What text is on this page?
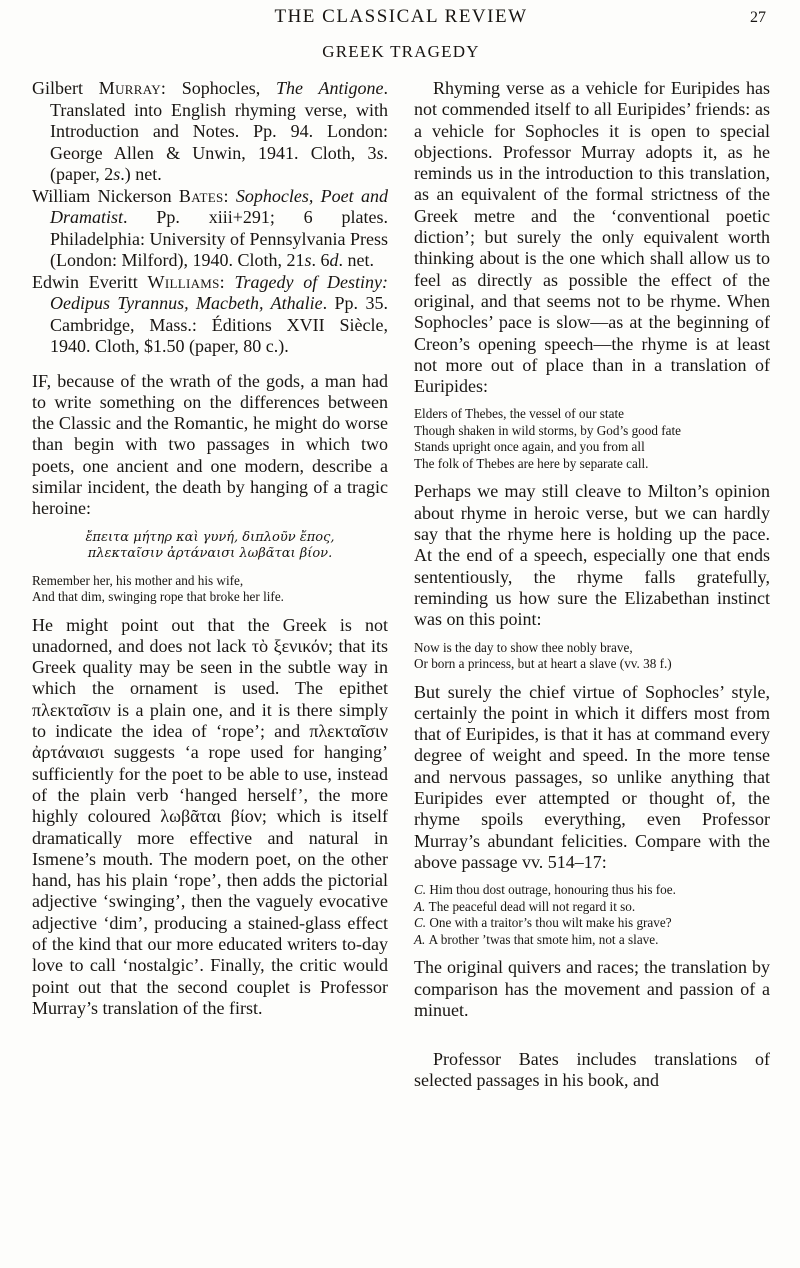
THE CLASSICAL REVIEW	27
GREEK TRAGEDY

Gilbert Murray: Sophocles, The Antigone. Translated into English rhyming verse, with Introduction and Notes. Pp. 94. London: George Allen & Unwin, 1941. Cloth, 3s. (paper, 2s.) net.

William Nickerson Bates: Sophocles, Poet and Dramatist. Pp. xiii+291; 6 plates. Philadelphia: University of Pennsylvania Press (London: Milford), 1940. Cloth, 21s. 6d. net.

Edwin Everitt Williams: Tragedy of Destiny: Oedipus Tyrannus, Macbeth, Athalie. Pp. 35. Cambridge, Mass.: Éditions XVII Siècle, 1940. Cloth, $1.50 (paper, 80 c.).

IF, because of the wrath of the gods, a man had to write something on the differences between the Classic and the Romantic, he might do worse than begin with two passages in which two poets, one ancient and one modern, describe a similar incident, the death by hanging of a tragic heroine:

ἔπειτα μήτηρ καὶ γυνή, διπλοῦν ἔπος,
πλεκταῖσιν ἀρτάναισι λωβᾶται βίον.
Remember her, his mother and his wife,
And that dim, swinging rope that broke her life.

He might point out that the Greek is not unadorned, and does not lack τὸ ξενικόν; that its Greek quality may be seen in the subtle way in which the ornament is used. The epithet πλεκταῖσιν is a plain one, and it is there simply to indicate the idea of ‘rope’; and πλεκταῖσιν ἀρτάναισι suggests ‘a rope used for hanging’ sufficiently for the poet to be able to use, instead of the plain verb ‘hanged herself’, the more highly coloured λωβᾶται βίον; which is itself dramatically more effective and natural in Ismene’s mouth. The modern poet, on the other hand, has his plain ‘rope’, then adds the pictorial adjective ‘swinging’, then the vaguely evocative adjective ‘dim’, producing a stained-glass effect of the kind that our more educated writers to-day love to call ‘nostalgic’. Finally, the critic would point out that the second couplet is Professor Murray’s translation of the first.

Rhyming verse as a vehicle for Euripides has not commended itself to all Euripides’ friends: as a vehicle for Sophocles it is open to special objections. Professor Murray adopts it, as he reminds us in the introduction to this translation, as an equivalent of the formal strictness of the Greek metre and the ‘conventional poetic diction’; but surely the only equivalent worth thinking about is the one which shall allow us to feel as directly as possible the effect of the original, and that seems not to be rhyme. When Sophocles’ pace is slow—as at the beginning of Creon’s opening speech—the rhyme is at least not more out of place than in a translation of Euripides:

Elders of Thebes, the vessel of our state
Though shaken in wild storms, by God’s good fate
Stands upright once again, and you from all
The folk of Thebes are here by separate call.

Perhaps we may still cleave to Milton’s opinion about rhyme in heroic verse, but we can hardly say that the rhyme here is holding up the pace. At the end of a speech, especially one that ends sententiously, the rhyme falls gratefully, reminding us how sure the Elizabethan instinct was on this point:

Now is the day to show thee nobly brave,
Or born a princess, but at heart a slave (vv. 38 f.)

But surely the chief virtue of Sophocles’ style, certainly the point in which it differs most from that of Euripides, is that it has at command every degree of weight and speed. In the more tense and nervous passages, so unlike anything that Euripides ever attempted or thought of, the rhyme spoils everything, even Professor Murray’s abundant felicities. Compare with the above passage vv. 514–17:

C. Him thou dost outrage, honouring thus his foe.
A. The peaceful dead will not regard it so.
C. One with a traitor’s thou wilt make his grave?
A. A brother ’twas that smote him, not a slave.

The original quivers and races; the translation by comparison has the movement and passion of a minuet.

Professor Bates includes translations of selected passages in his book, and
